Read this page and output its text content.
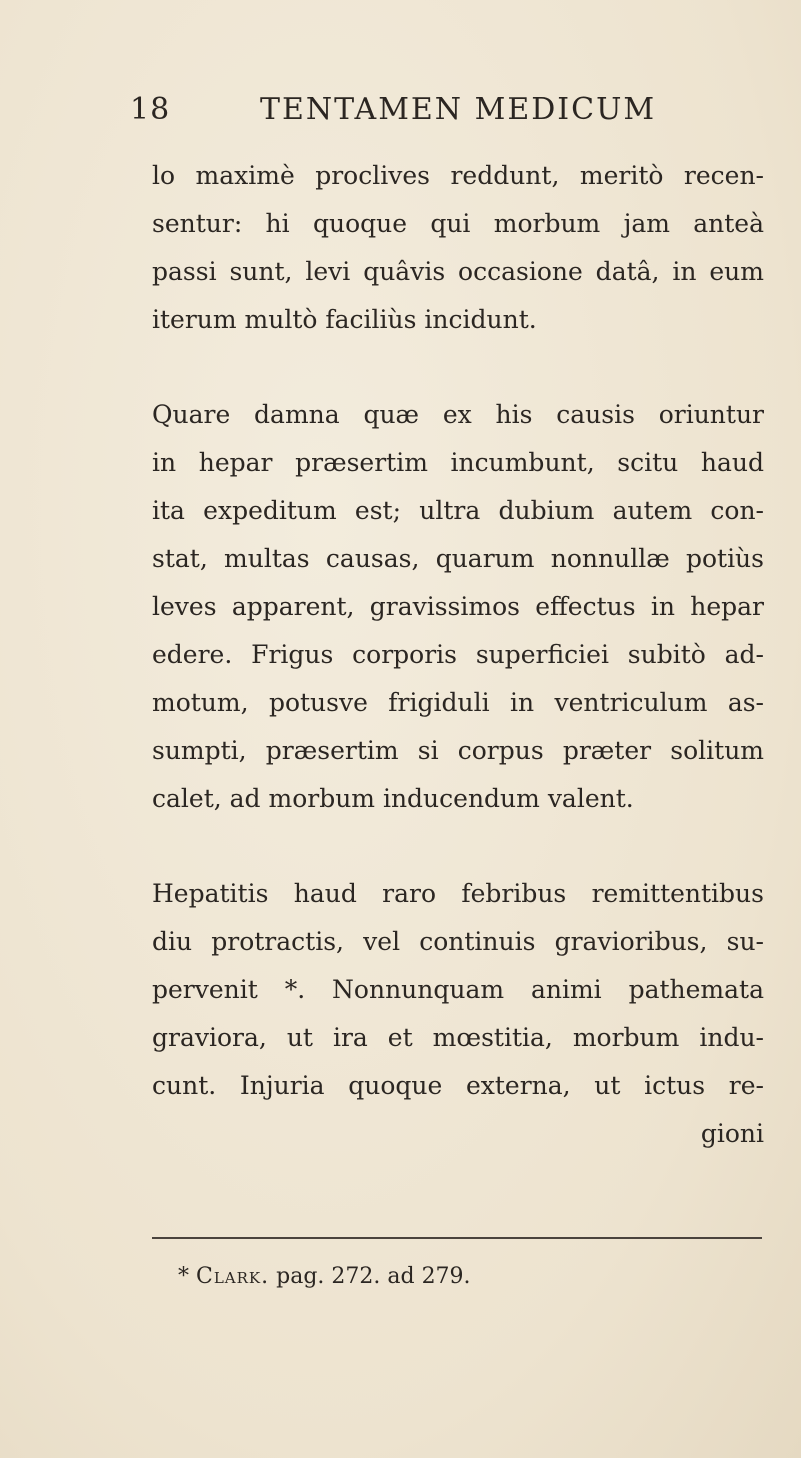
18	TENTAMEN MEDICUM
lo maximè proclives reddunt, meritò recen-
sentur: hi quoque qui morbum jam anteà
passi sunt, levi quâvis occasione datâ, in eum
iterum multò faciliùs incidunt.
Quare damna quæ ex his causis oriuntur
in hepar præsertim incumbunt, scitu haud
ita expeditum est; ultra dubium autem con-
stat, multas causas, quarum nonnullæ potiùs
leves apparent, gravissimos effectus in hepar
edere. Frigus corporis superficiei subitò ad-
motum, potusve frigiduli in ventriculum as-
sumpti, præsertim si corpus præter solitum
calet, ad morbum inducendum valent.
Hepatitis haud raro febribus remittentibus
diu protractis, vel continuis gravioribus, su-
pervenit *. Nonnunquam animi pathemata
graviora, ut ira et mœstitia, morbum indu-
cunt. Injuria quoque externa, ut ictus re-
gioni
* Clark. pag. 272. ad 279.
